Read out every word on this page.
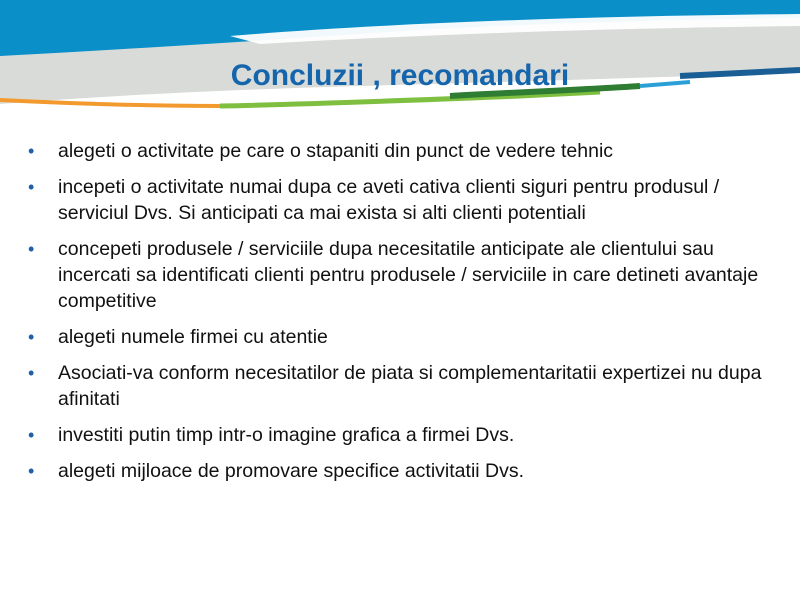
Concluzii , recomandari
• alegeti o activitate pe care o stapaniti din punct de vedere tehnic
• incepeti o activitate numai dupa ce aveti cativa clienti siguri pentru produsul / serviciul Dvs. Si anticipati ca mai exista si alti clienti potentiali
• concepeti produsele / serviciile dupa necesitatile anticipate ale clientului sau incercati sa identificati clienti pentru produsele / serviciile in care detineti avantaje competitive
• alegeti numele firmei cu atentie
• Asociati-va conform necesitatilor de piata si complementaritatii expertizei nu dupa afinitati
• investiti putin timp intr-o imagine grafica a firmei Dvs.
• alegeti mijloace de promovare specifice activitatii Dvs.
